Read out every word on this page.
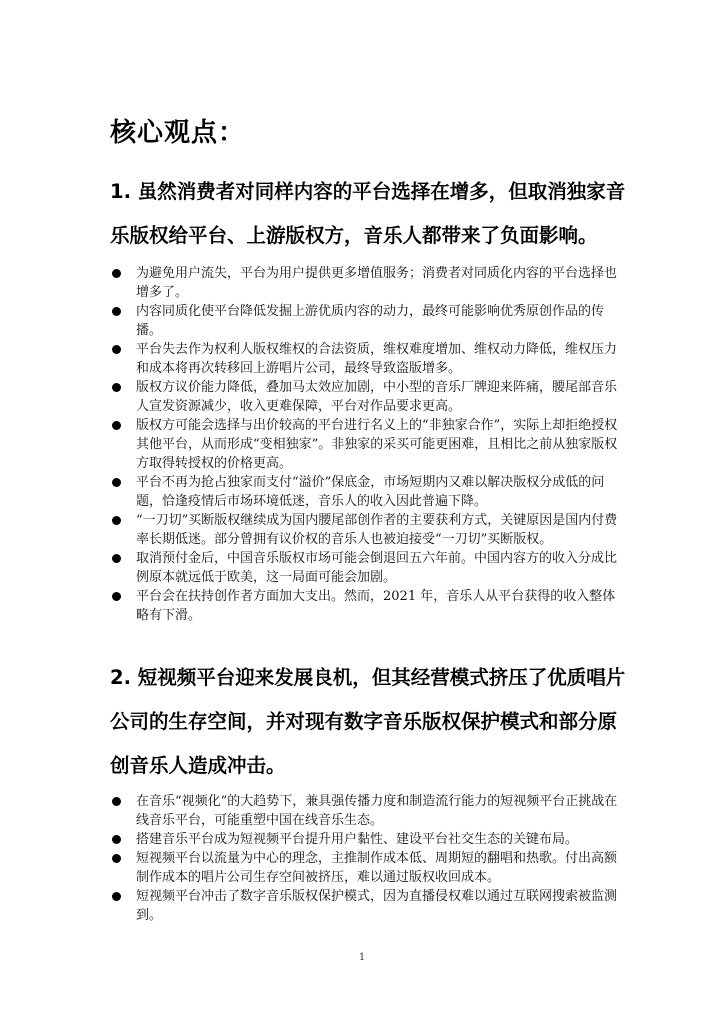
核心观点：
1. 虽然消费者对同样内容的平台选择在增多，但取消独家音乐版权给平台、上游版权方，音乐人都带来了负面影响。
为避免用户流失，平台为用户提供更多增值服务；消费者对同质化内容的平台选择也增多了。
内容同质化使平台降低发掘上游优质内容的动力，最终可能影响优秀原创作品的传播。
平台失去作为权利人版权维权的合法资质，维权难度增加、维权动力降低，维权压力和成本将再次转移回上游唱片公司，最终导致盗版增多。
版权方议价能力降低，叠加马太效应加剧，中小型的音乐厂牌迎来阵痛，腰尾部音乐人宣发资源减少，收入更难保障，平台对作品要求更高。
版权方可能会选择与出价较高的平台进行名义上的“非独家合作”，实际上却拒绝授权其他平台，从而形成“变相独家”。非独家的采买可能更困难，且相比之前从独家版权方取得转授权的价格更高。
平台不再为抢占独家而支付“溢价”保底金，市场短期内又难以解决版权分成低的问题，恰逢疫情后市场环境低迷，音乐人的收入因此普遍下降。
“一刀切”买断版权继续成为国内腰尾部创作者的主要获利方式，关键原因是国内付费率长期低迷。部分曾拥有议价权的音乐人也被迫接受“一刀切”买断版权。
取消预付金后，中国音乐版权市场可能会倒退回五六年前。中国内容方的收入分成比例原本就远低于欧美，这一局面可能会加剧。
平台会在扶持创作者方面加大支出。然而，2021 年，音乐人从平台获得的收入整体略有下滑。
2. 短视频平台迎来发展良机，但其经营模式挤压了优质唱片公司的生存空间，并对现有数字音乐版权保护模式和部分原创音乐人造成冲击。
在音乐“视频化”的大趋势下，兼具强传播力度和制造流行能力的短视频平台正挑战在线音乐平台，可能重塑中国在线音乐生态。
搭建音乐平台成为短视频平台提升用户黏性、建设平台社交生态的关键布局。
短视频平台以流量为中心的理念，主推制作成本低、周期短的翻唱和热歌。付出高额制作成本的唱片公司生存空间被挤压，难以通过版权收回成本。
短视频平台冲击了数字音乐版权保护模式，因为直播侵权难以通过互联网搜索被监测到。
1
